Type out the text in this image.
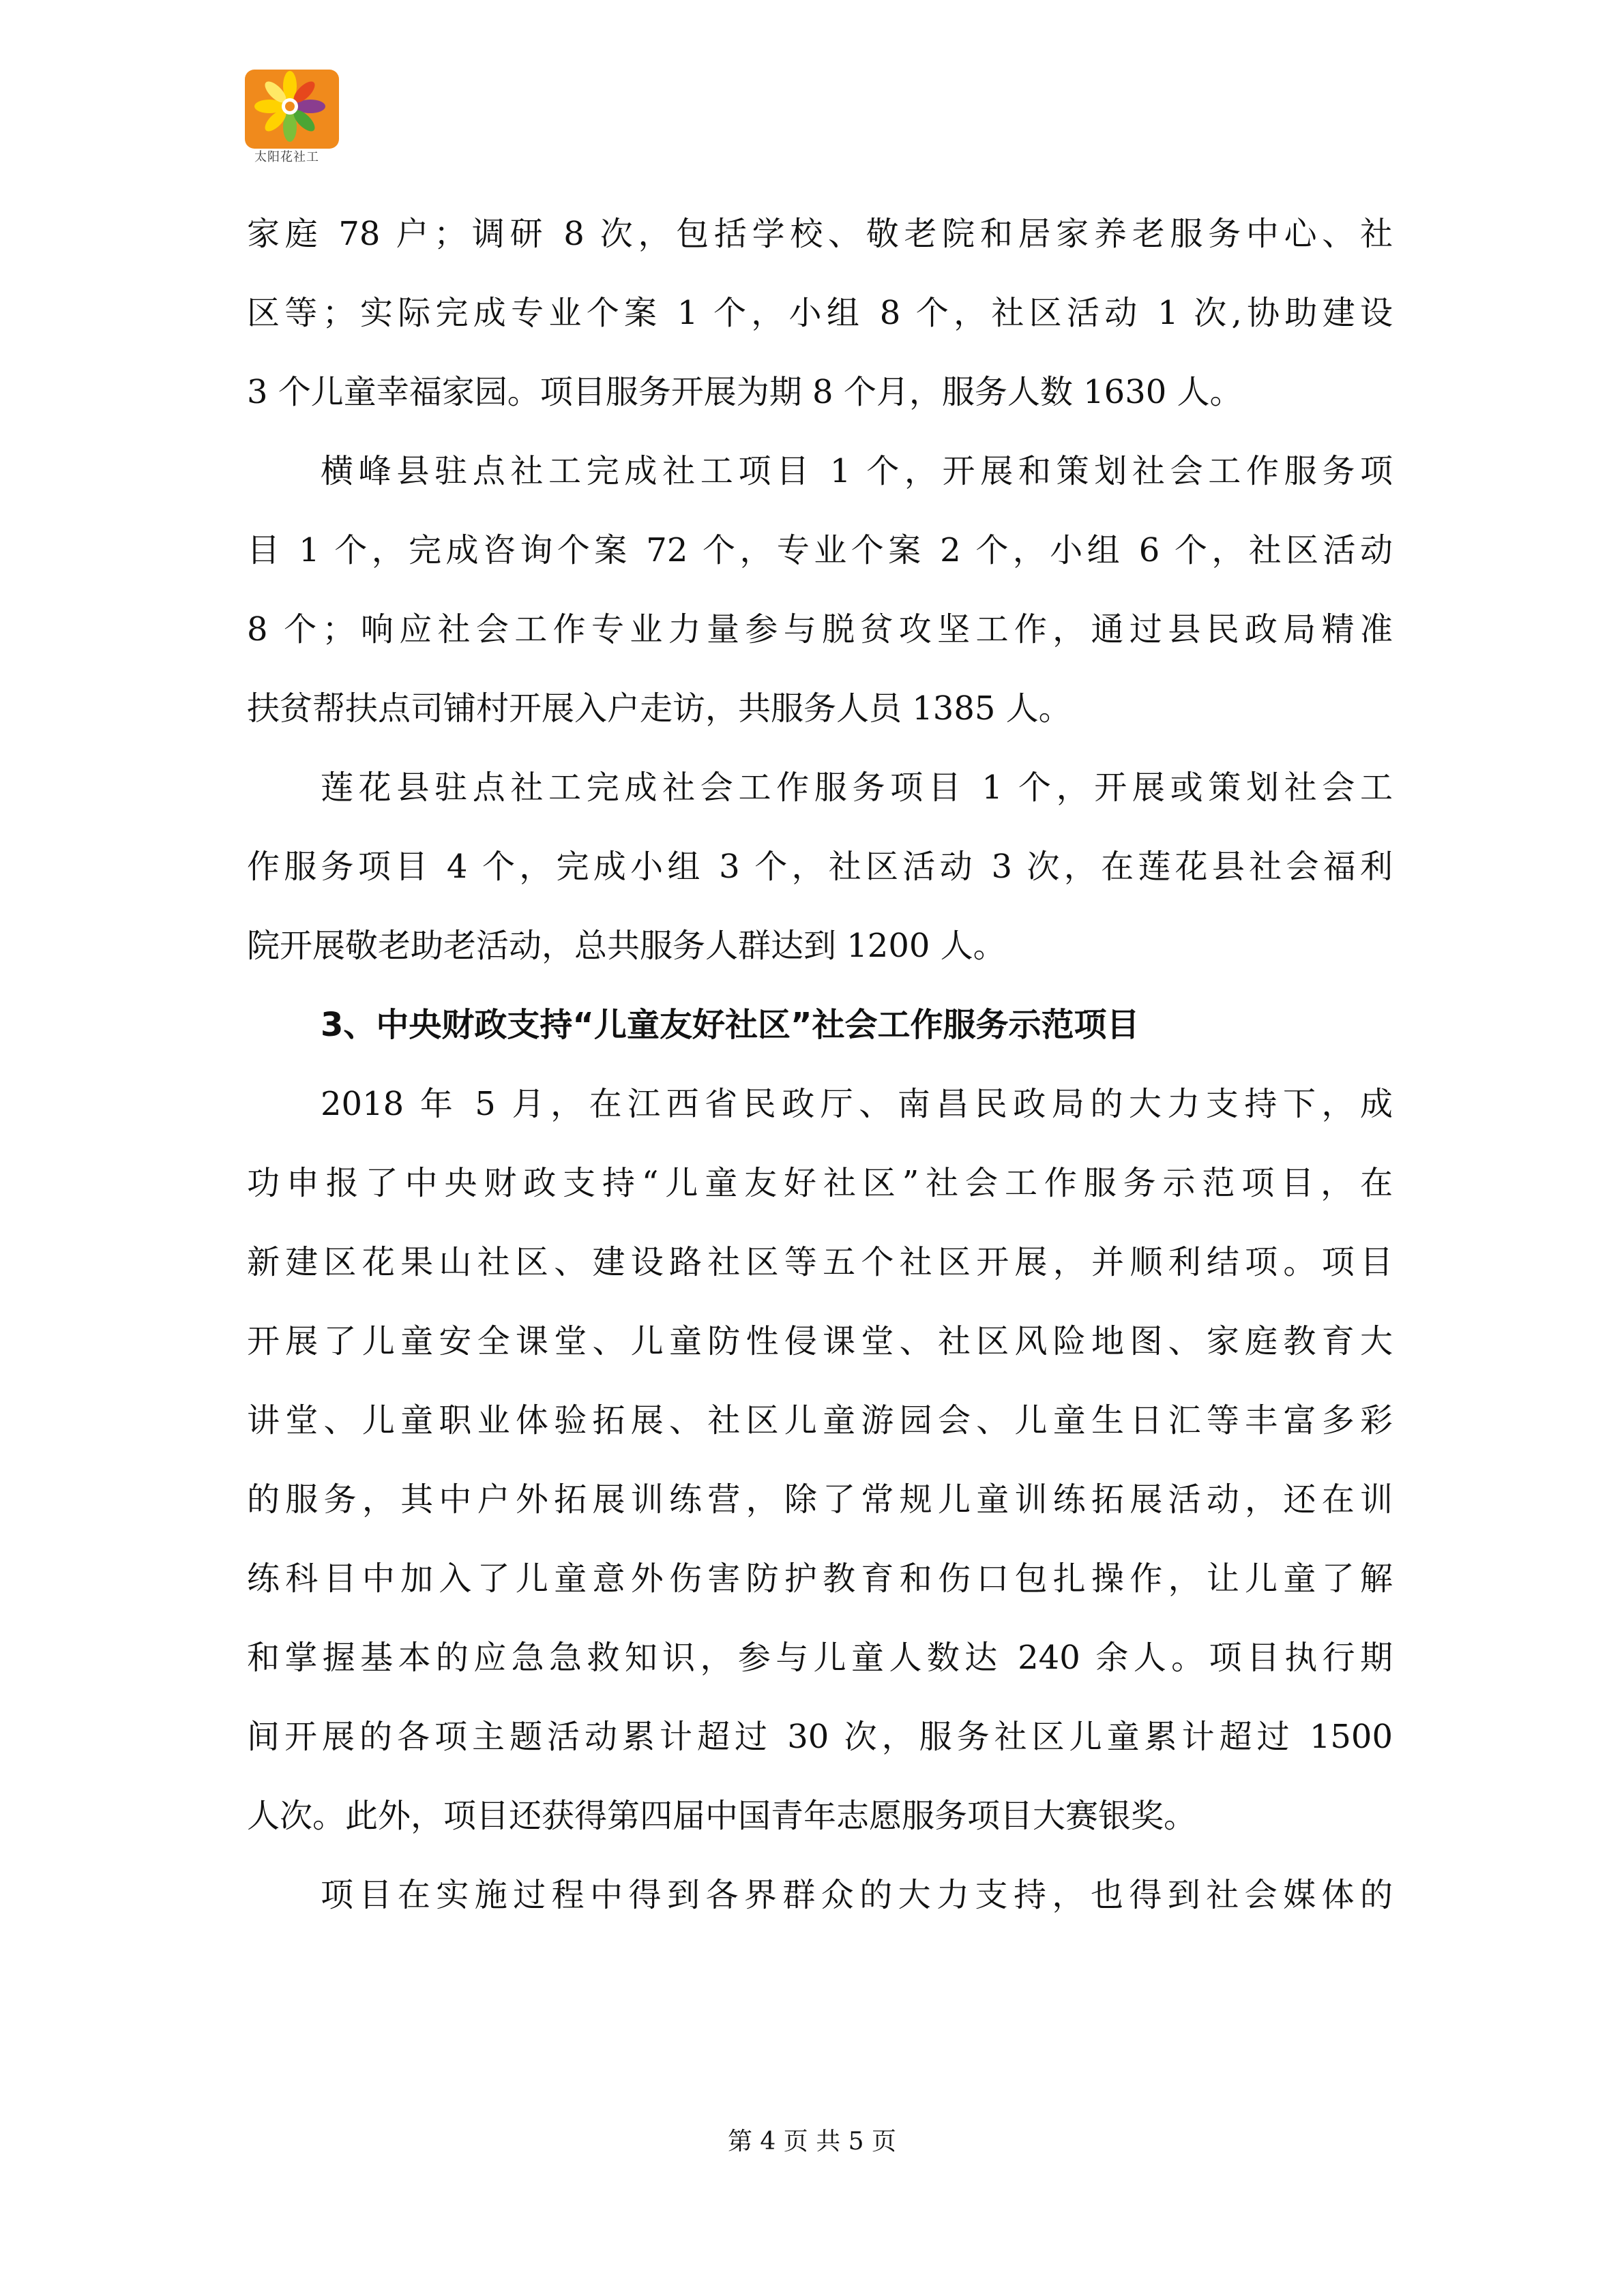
太阳花社工
家庭 78 户；调研 8 次，包括学校、敬老院和居家养老服务中心、社
区等；实际完成专业个案 1 个，小组 8 个，社区活动 1 次,协助建设
3 个儿童幸福家园。项目服务开展为期 8 个月，服务人数 1630 人。
横峰县驻点社工完成社工项目 1 个，开展和策划社会工作服务项
目 1 个，完成咨询个案 72 个，专业个案 2 个，小组 6 个，社区活动
8 个；响应社会工作专业力量参与脱贫攻坚工作，通过县民政局精准
扶贫帮扶点司铺村开展入户走访，共服务人员 1385 人。
莲花县驻点社工完成社会工作服务项目 1 个，开展或策划社会工
作服务项目 4 个，完成小组 3 个，社区活动 3 次，在莲花县社会福利
院开展敬老助老活动，总共服务人群达到 1200 人。
3、中央财政支持“儿童友好社区”社会工作服务示范项目
2018 年 5 月，在江西省民政厅、南昌民政局的大力支持下，成
功申报了中央财政支持“儿童友好社区”社会工作服务示范项目，在
新建区花果山社区、建设路社区等五个社区开展，并顺利结项。项目
开展了儿童安全课堂、儿童防性侵课堂、社区风险地图、家庭教育大
讲堂、儿童职业体验拓展、社区儿童游园会、儿童生日汇等丰富多彩
的服务，其中户外拓展训练营，除了常规儿童训练拓展活动，还在训
练科目中加入了儿童意外伤害防护教育和伤口包扎操作，让儿童了解
和掌握基本的应急急救知识，参与儿童人数达 240 余人。项目执行期
间开展的各项主题活动累计超过 30 次，服务社区儿童累计超过 1500
人次。此外，项目还获得第四届中国青年志愿服务项目大赛银奖。
项目在实施过程中得到各界群众的大力支持，也得到社会媒体的
第 4 页 共 5 页
